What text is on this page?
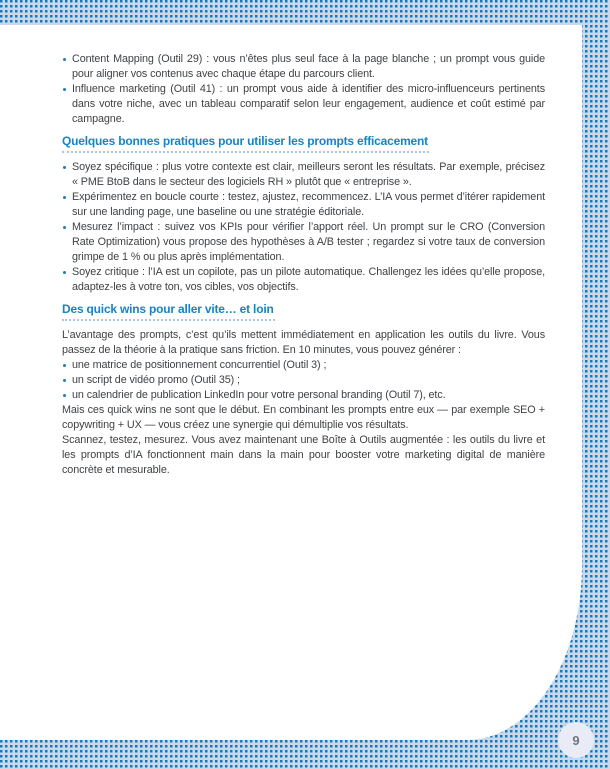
Content Mapping (Outil 29) : vous n’êtes plus seul face à la page blanche ; un prompt vous guide pour aligner vos contenus avec chaque étape du parcours client.
Influence marketing (Outil 41) : un prompt vous aide à identifier des micro-influenceurs pertinents dans votre niche, avec un tableau comparatif selon leur engagement, audience et coût estimé par campagne.
Quelques bonnes pratiques pour utiliser les prompts efficacement
Soyez spécifique : plus votre contexte est clair, meilleurs seront les résultats. Par exemple, précisez « PME BtoB dans le secteur des logiciels RH » plutôt que « entreprise ».
Expérimentez en boucle courte : testez, ajustez, recommencez. L’IA vous permet d’itérer rapidement sur une landing page, une baseline ou une stratégie éditoriale.
Mesurez l’impact : suivez vos KPIs pour vérifier l’apport réel. Un prompt sur le CRO (Conversion Rate Optimization) vous propose des hypothèses à A/B tester ; regardez si votre taux de conversion grimpe de 1 % ou plus après implémentation.
Soyez critique : l’IA est un copilote, pas un pilote automatique. Challengez les idées qu’elle propose, adaptez-les à votre ton, vos cibles, vos objectifs.
Des quick wins pour aller vite… et loin

L’avantage des prompts, c’est qu’ils mettent immédiatement en application les outils du livre. Vous passez de la théorie à la pratique sans friction. En 10 minutes, vous pouvez générer :

une matrice de positionnement concurrentiel (Outil 3) ;
un script de vidéo promo (Outil 35) ;
un calendrier de publication LinkedIn pour votre personal branding (Outil 7), etc.

Mais ces quick wins ne sont que le début. En combinant les prompts entre eux — par exemple SEO + copywriting + UX — vous créez une synergie qui démultiplie vos résultats.

Scannez, testez, mesurez. Vous avez maintenant une Boîte à Outils augmentée : les outils du livre et les prompts d’IA fonctionnent main dans la main pour booster votre marketing digital de manière concrète et mesurable.

9
